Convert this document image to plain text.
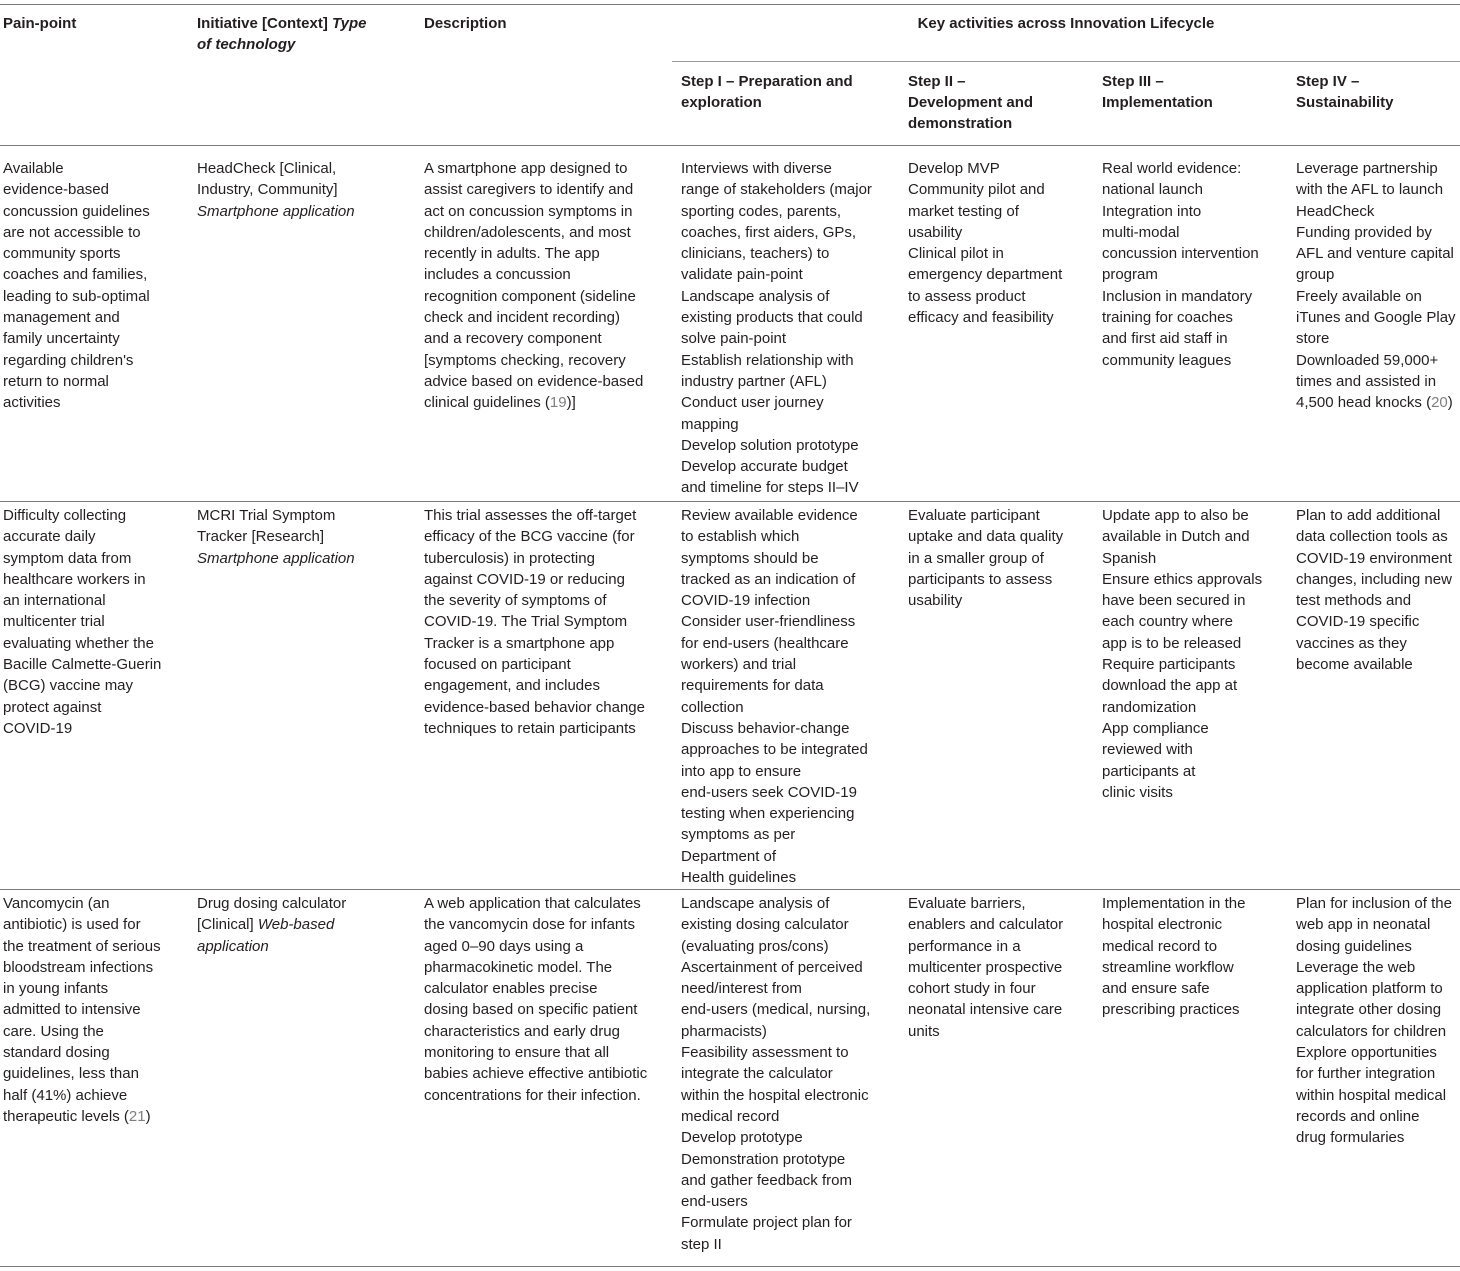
Pain-point	Initiative [Context] Type
of technology
Description	Key activities across Innovation Lifecycle
Step I – Preparation and
exploration
Step II –
Development and
demonstration
Step III –
Implementation
Step IV –
Sustainability
Available
evidence-based
concussion guidelines
are not accessible to
community sports
coaches and families,
leading to sub-optimal
management and
family uncertainty
regarding children's
return to normal
activities
HeadCheck [Clinical,
Industry, Community]
Smartphone application
A smartphone app designed to
assist caregivers to identify and
act on concussion symptoms in
children/adolescents, and most
recently in adults. The app
includes a concussion
recognition component (sideline
check and incident recording)
and a recovery component
[symptoms checking, recovery
advice based on evidence-based
clinical guidelines (19)]
Interviews with diverse
range of stakeholders (major
sporting codes, parents,
coaches, first aiders, GPs,
clinicians, teachers) to
validate pain-point
Landscape analysis of
existing products that could
solve pain-point
Establish relationship with
industry partner (AFL)
Conduct user journey
mapping
Develop solution prototype
Develop accurate budget
and timeline for steps II–IV
Develop MVP
Community pilot and
market testing of
usability
Clinical pilot in
emergency department
to assess product
efficacy and feasibility
Real world evidence:
national launch
Integration into
multi-modal
concussion intervention
program
Inclusion in mandatory
training for coaches
and first aid staff in
community leagues
Leverage partnership
with the AFL to launch
HeadCheck
Funding provided by
AFL and venture capital
group
Freely available on
iTunes and Google Play
store
Downloaded 59,000+
times and assisted in
4,500 head knocks (20)
Difficulty collecting
accurate daily
symptom data from
healthcare workers in
an international
multicenter trial
evaluating whether the
Bacille Calmette-Guerin
(BCG) vaccine may
protect against
COVID-19
MCRI Trial Symptom
Tracker [Research]
Smartphone application
This trial assesses the off-target
efficacy of the BCG vaccine (for
tuberculosis) in protecting
against COVID-19 or reducing
the severity of symptoms of
COVID-19. The Trial Symptom
Tracker is a smartphone app
focused on participant
engagement, and includes
evidence-based behavior change
techniques to retain participants
Review available evidence
to establish which
symptoms should be
tracked as an indication of
COVID-19 infection
Consider user-friendliness
for end-users (healthcare
workers) and trial
requirements for data
collection
Discuss behavior-change
approaches to be integrated
into app to ensure
end-users seek COVID-19
testing when experiencing
symptoms as per
Department of
Health guidelines
Evaluate participant
uptake and data quality
in a smaller group of
participants to assess
usability
Update app to also be
available in Dutch and
Spanish
Ensure ethics approvals
have been secured in
each country where
app is to be released
Require participants
download the app at
randomization
App compliance
reviewed with
participants at
clinic visits
Plan to add additional
data collection tools as
COVID-19 environment
changes, including new
test methods and
COVID-19 specific
vaccines as they
become available
Vancomycin (an
antibiotic) is used for
the treatment of serious
bloodstream infections
in young infants
admitted to intensive
care. Using the
standard dosing
guidelines, less than
half (41%) achieve
therapeutic levels (21)
Drug dosing calculator
[Clinical] Web-based
application
A web application that calculates
the vancomycin dose for infants
aged 0–90 days using a
pharmacokinetic model. The
calculator enables precise
dosing based on specific patient
characteristics and early drug
monitoring to ensure that all
babies achieve effective antibiotic
concentrations for their infection.
Landscape analysis of
existing dosing calculator
(evaluating pros/cons)
Ascertainment of perceived
need/interest from
end-users (medical, nursing,
pharmacists)
Feasibility assessment to
integrate the calculator
within the hospital electronic
medical record
Develop prototype
Demonstration prototype
and gather feedback from
end-users
Formulate project plan for
step II
Evaluate barriers,
enablers and calculator
performance in a
multicenter prospective
cohort study in four
neonatal intensive care
units
Implementation in the
hospital electronic
medical record to
streamline workflow
and ensure safe
prescribing practices
Plan for inclusion of the
web app in neonatal
dosing guidelines
Leverage the web
application platform to
integrate other dosing
calculators for children
Explore opportunities
for further integration
within hospital medical
records and online
drug formularies
